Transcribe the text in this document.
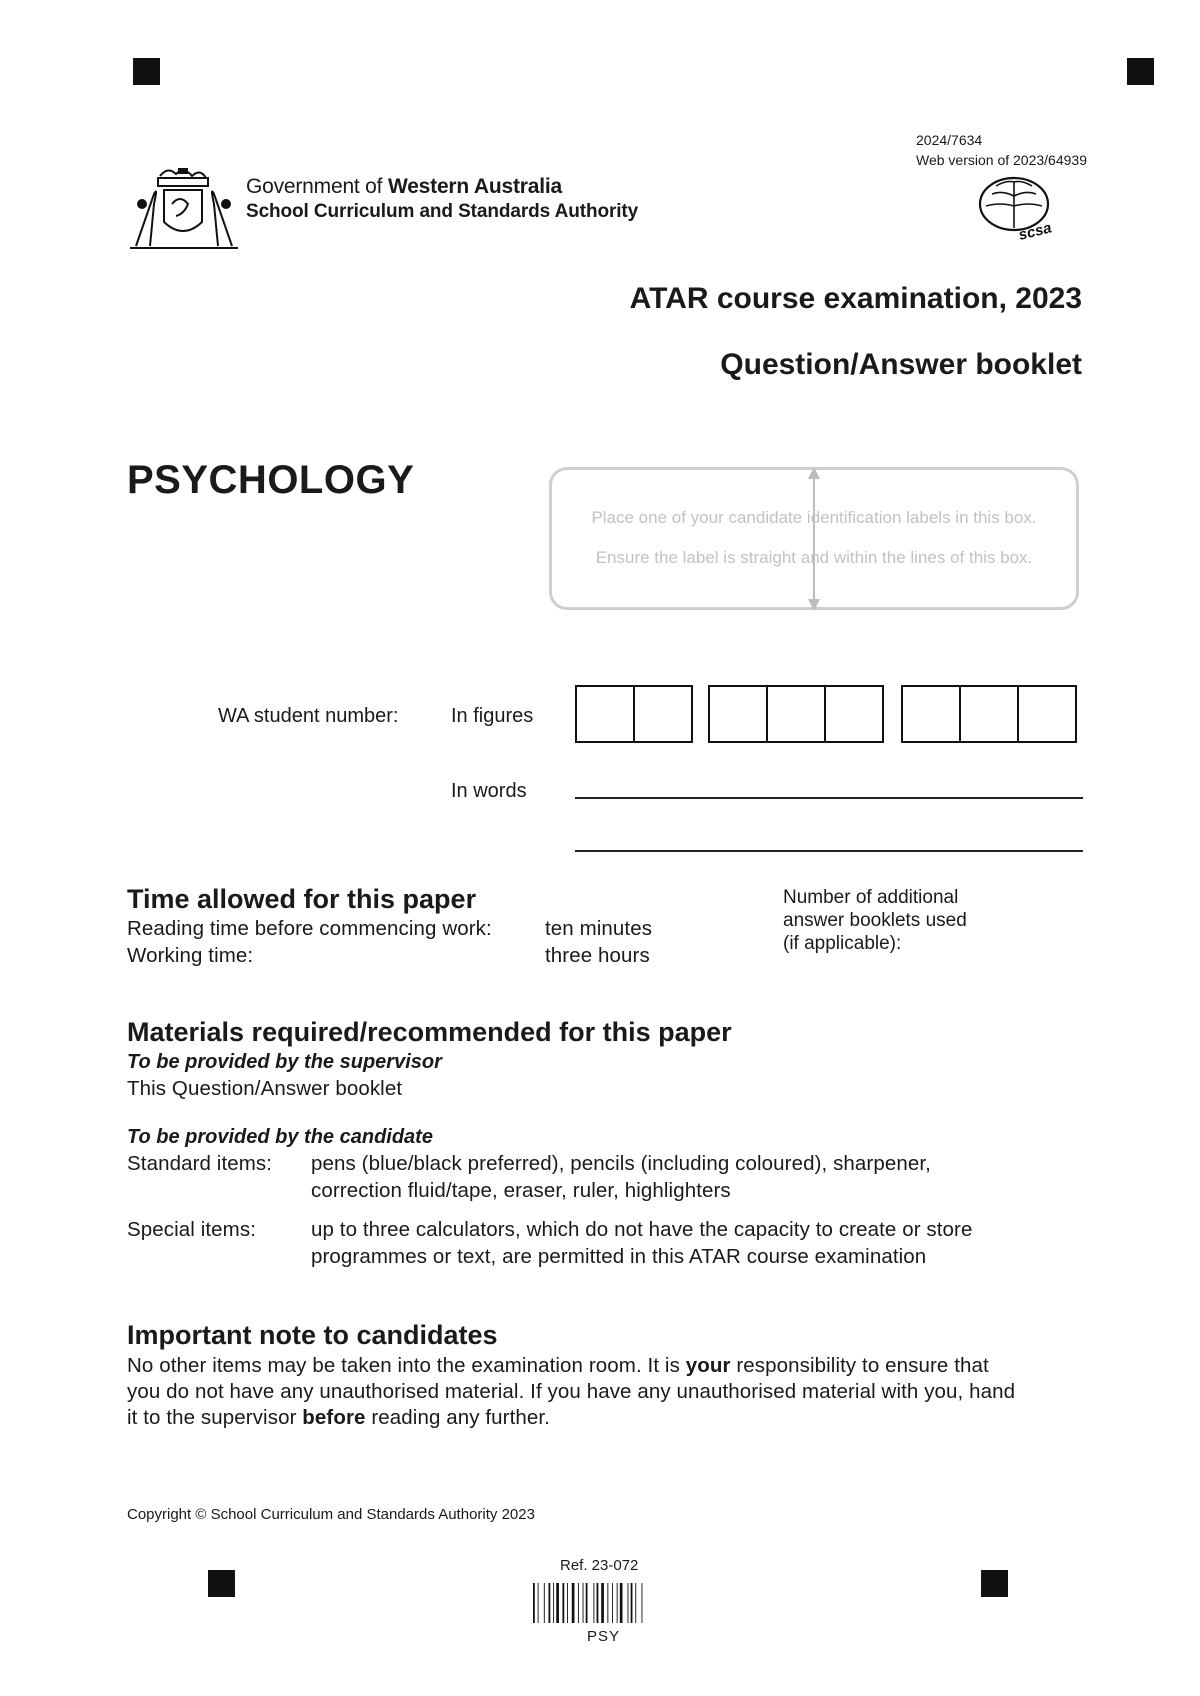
Government of Western Australia
School Curriculum and Standards Authority
2024/7634
Web version of 2023/64939
scsa
ATAR course examination, 2023
Question/Answer booklet
PSYCHOLOGY
Place one of your candidate identification labels in this box.
Ensure the label is straight and within the lines of this box.
WA student number:	In figures
In words
Time allowed for this paper
Reading time before commencing work:	ten minutes
Working time:	three hours
Number of additional
answer booklets used
(if applicable):
Materials required/recommended for this paper
To be provided by the supervisor
This Question/Answer booklet
To be provided by the candidate
Standard items: pens (blue/black preferred), pencils (including coloured), sharpener,
correction fluid/tape, eraser, ruler, highlighters
Special items:	up to three calculators, which do not have the capacity to create or store
programmes or text, are permitted in this ATAR course examination
Important note to candidates
No other items may be taken into the examination room. It is your responsibility to ensure that
you do not have any unauthorised material. If you have any unauthorised material with you, hand
it to the supervisor before reading any further.
Copyright © School Curriculum and Standards Authority 2023
Ref. 23-072
PSY
